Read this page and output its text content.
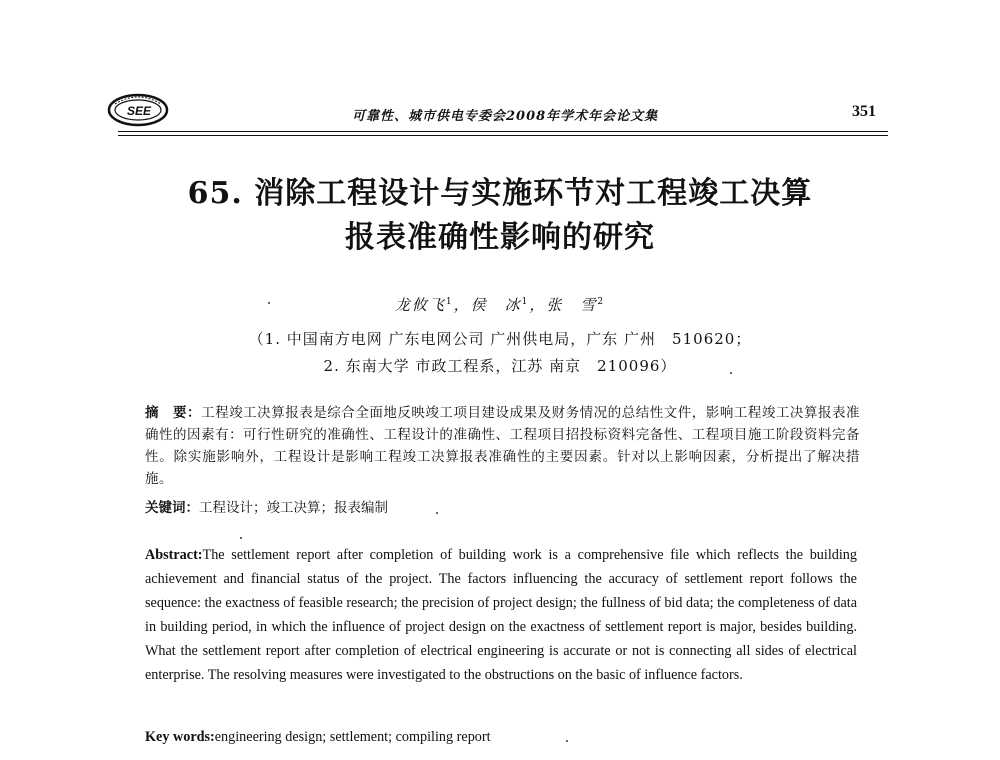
SEE	可靠性、城市供电专委会2008年学术年会论文集	351
65. 消除工程设计与实施环节对工程竣工决算
报表准确性影响的研究
龙攸飞$^1$，侯　冰$^1$，张　雪$^2$
（1. 中国南方电网 广东电网公司 广州供电局，广东 广州　510620；
2. 东南大学 市政工程系，江苏 南京　210096）
摘　要：工程竣工决算报表是综合全面地反映竣工项目建设成果及财务情况的总结性文件，影响工程竣工决算报表准确性的因素有：可行性研究的准确性、工程设计的准确性、工程项目招投标资料完备性、工程项目施工阶段资料完备性。除实施影响外，工程设计是影响工程竣工决算报表准确性的主要因素。针对以上影响因素，分析提出了解决措施。
关键词：工程设计；竣工决算；报表编制
Abstract:The settlement report after completion of building work is a comprehensive file which reflects the building achievement and financial status of the project. The factors influencing the accuracy of settlement report follows the sequence: the exactness of feasible research; the precision of project design; the fullness of bid data; the completeness of data in building period, in which the influence of project design on the exactness of settlement report is major, besides building. What the settlement report after completion of electrical engineering is accurate or not is connecting all sides of electrical enterprise. The resolving measures were investigated to the obstructions on the basic of influence factors.
Key words:engineering design; settlement; compiling report
